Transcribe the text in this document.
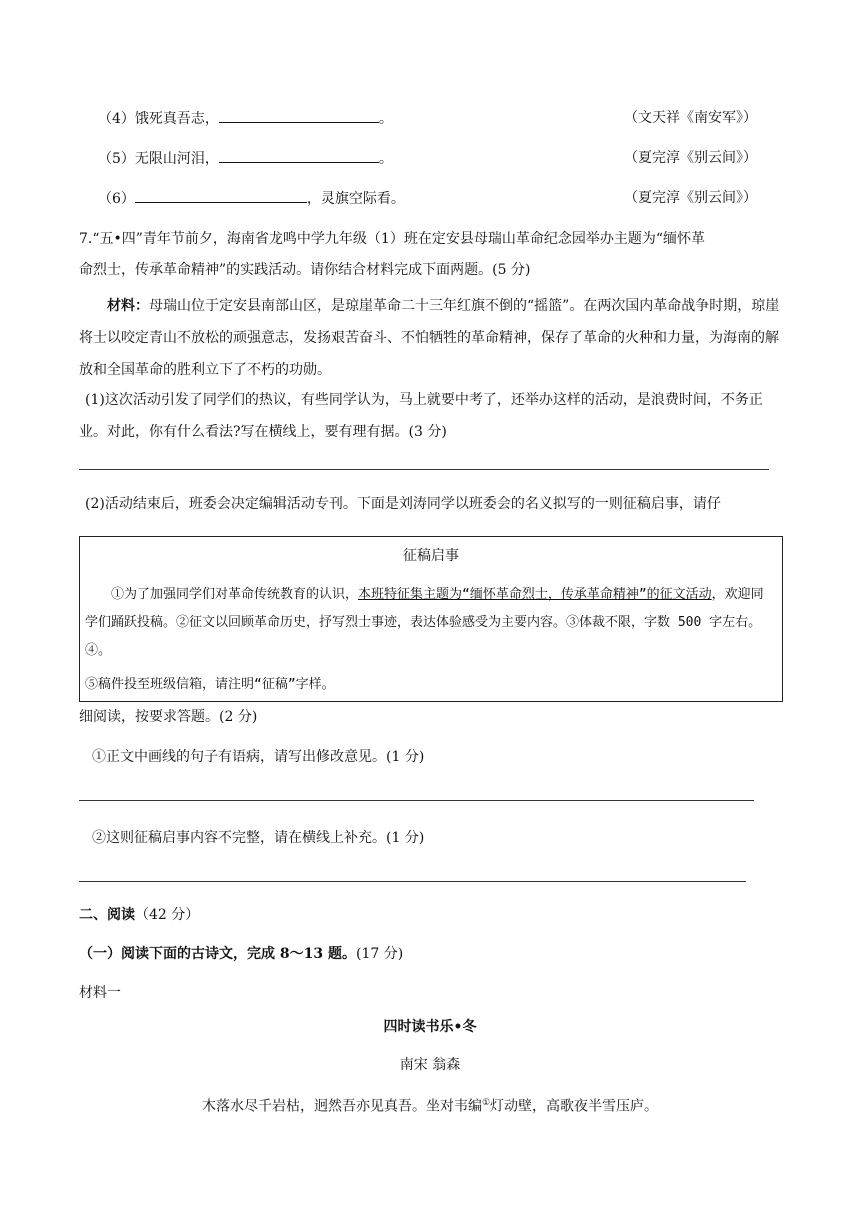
（4）饿死真吾志，	。	（文天祥《南安军》）
（5）无限山河泪，	。	（夏完淳《别云间》）
（6）	，灵旗空际看。	（夏完淳《别云间》）
7.“五•四”青年节前夕，海南省龙鸣中学九年级（1）班在定安县母瑞山革命纪念园举办主题为“缅怀革
命烈士，传承革命精神”的实践活动。请你结合材料完成下面两题。(5 分)
材料：母瑞山位于定安县南部山区，是琼崖革命二十三年红旗不倒的“摇篮”。在两次国内革命战争时期，琼崖将士以咬定青山不放松的顽强意志，发扬艰苦奋斗、不怕牺牲的革命精神，保存了革命的火种和力量，为海南的解放和全国革命的胜利立下了不朽的功勋。
(1)这次活动引发了同学们的热议，有些同学认为，马上就要中考了，还举办这样的活动，是浪费时间，不务正业。对此，你有什么看法?写在横线上，要有理有据。(3 分)
(2)活动结束后，班委会决定编辑活动专刊。下面是刘涛同学以班委会的名义拟写的一则征稿启事，请仔
征稿启事
①为了加强同学们对革命传统教育的认识，本班特征集主题为“缅怀革命烈士，传承革命精神”的征文活动，欢迎同学们踊跃投稿。②征文以回顾革命历史，抒写烈士事迹，表达体验感受为主要内容。③体裁不限，字数 500 字左右。④。
⑤稿件投至班级信箱，请注明“征稿”字样。
细阅读，按要求答题。(2 分)
①正文中画线的句子有语病，请写出修改意见。(1 分)
②这则征稿启事内容不完整，请在横线上补充。(1 分)
二、阅读（42 分）
（一）阅读下面的古诗文，完成 8～13 题。(17 分)
材料一
四时读书乐•冬
南宋 翁森
木落水尽千岩枯，迥然吾亦见真吾。坐对韦编①灯动壁，高歌夜半雪压庐。
